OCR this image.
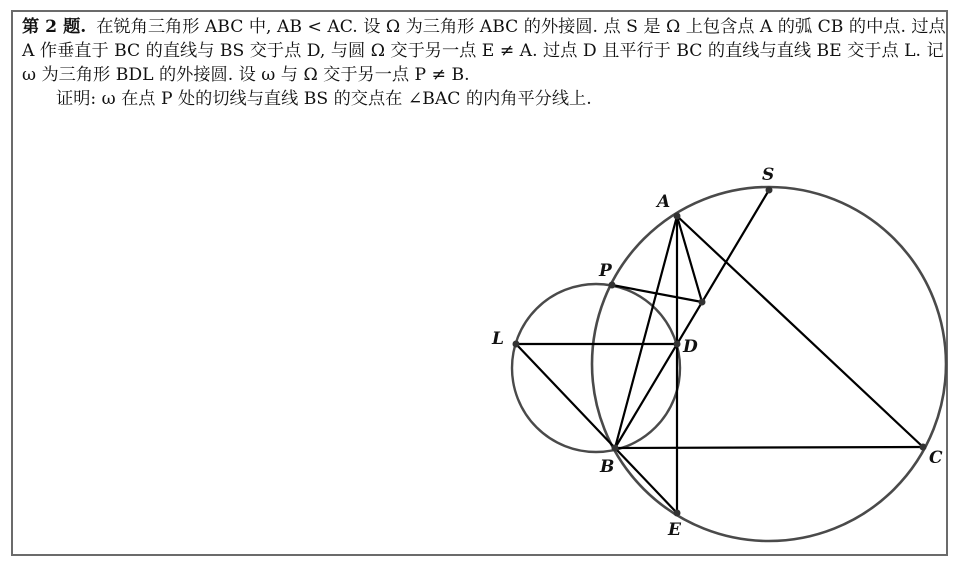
第 2 题. 在锐角三角形 ABC 中, AB < AC. 设 Ω 为三角形 ABC 的外接圆. 点 S 是 Ω 上包含点 A 的弧 CB 的中点. 过点 A 作垂直于 BC 的直线与 BS 交于点 D, 与圆 Ω 交于另一点 E ≠ A. 过点 D 且平行于 BC 的直线与直线 BE 交于点 L. 记 ω 为三角形 BDL 的外接圆. 设 ω 与 Ω 交于另一点 P ≠ B.

证明: ω 在点 P 处的切线与直线 BS 的交点在 ∠BAC 的内角平分线上.

A
S
P
L	D
B	C
E
